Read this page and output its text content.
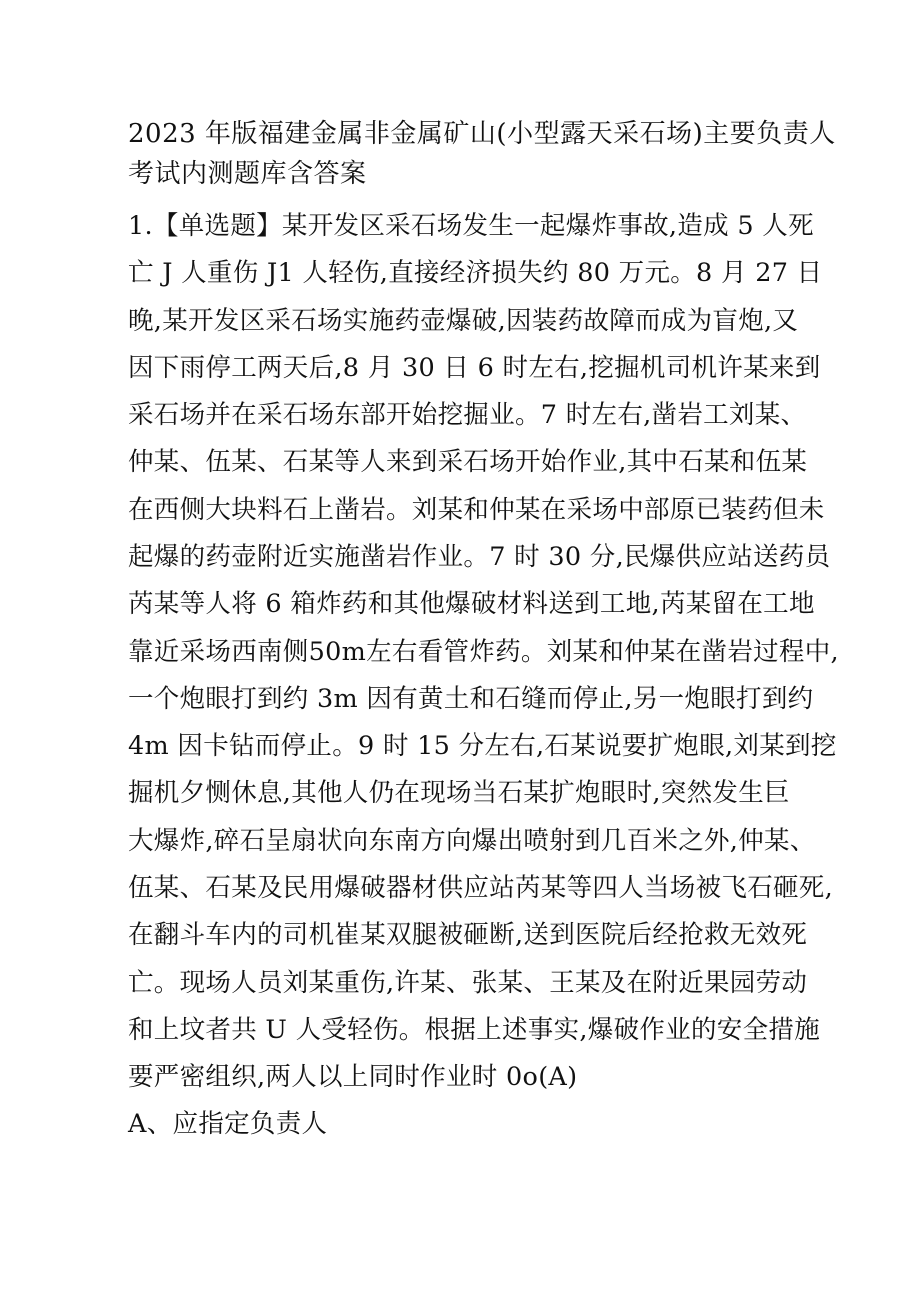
2023 年版福建金属非金属矿山(小型露天采石场)主要负责人
考试内测题库含答案
1.【单选题】某开发区采石场发生一起爆炸事故,造成 5 人死
亡 J 人重伤 J1 人轻伤,直接经济损失约 80 万元。8 月 27 日
晚,某开发区采石场实施药壶爆破,因装药故障而成为盲炮,又
因下雨停工两天后,8 月 30 日 6 时左右,挖掘机司机许某来到
采石场并在采石场东部开始挖掘业。7 时左右,凿岩工刘某、
仲某、伍某、石某等人来到采石场开始作业,其中石某和伍某
在西侧大块料石上凿岩。刘某和仲某在采场中部原已装药但未
起爆的药壶附近实施凿岩作业。7 时 30 分,民爆供应站送药员
芮某等人将 6 箱炸药和其他爆破材料送到工地,芮某留在工地
靠近采场西南侧50m左右看管炸药。刘某和仲某在凿岩过程中,
一个炮眼打到约 3m 因有黄土和石缝而停止,另一炮眼打到约
4m 因卡钻而停止。9 时 15 分左右,石某说要扩炮眼,刘某到挖
掘机夕恻休息,其他人仍在现场当石某扩炮眼时,突然发生巨
大爆炸,碎石呈扇状向东南方向爆出喷射到几百米之外,仲某、
伍某、石某及民用爆破器材供应站芮某等四人当场被飞石砸死,
在翻斗车内的司机崔某双腿被砸断,送到医院后经抢救无效死
亡。现场人员刘某重伤,许某、张某、王某及在附近果园劳动
和上坟者共 U 人受轻伤。根据上述事实,爆破作业的安全措施
要严密组织,两人以上同时作业时 0o(A)
A、应指定负责人
